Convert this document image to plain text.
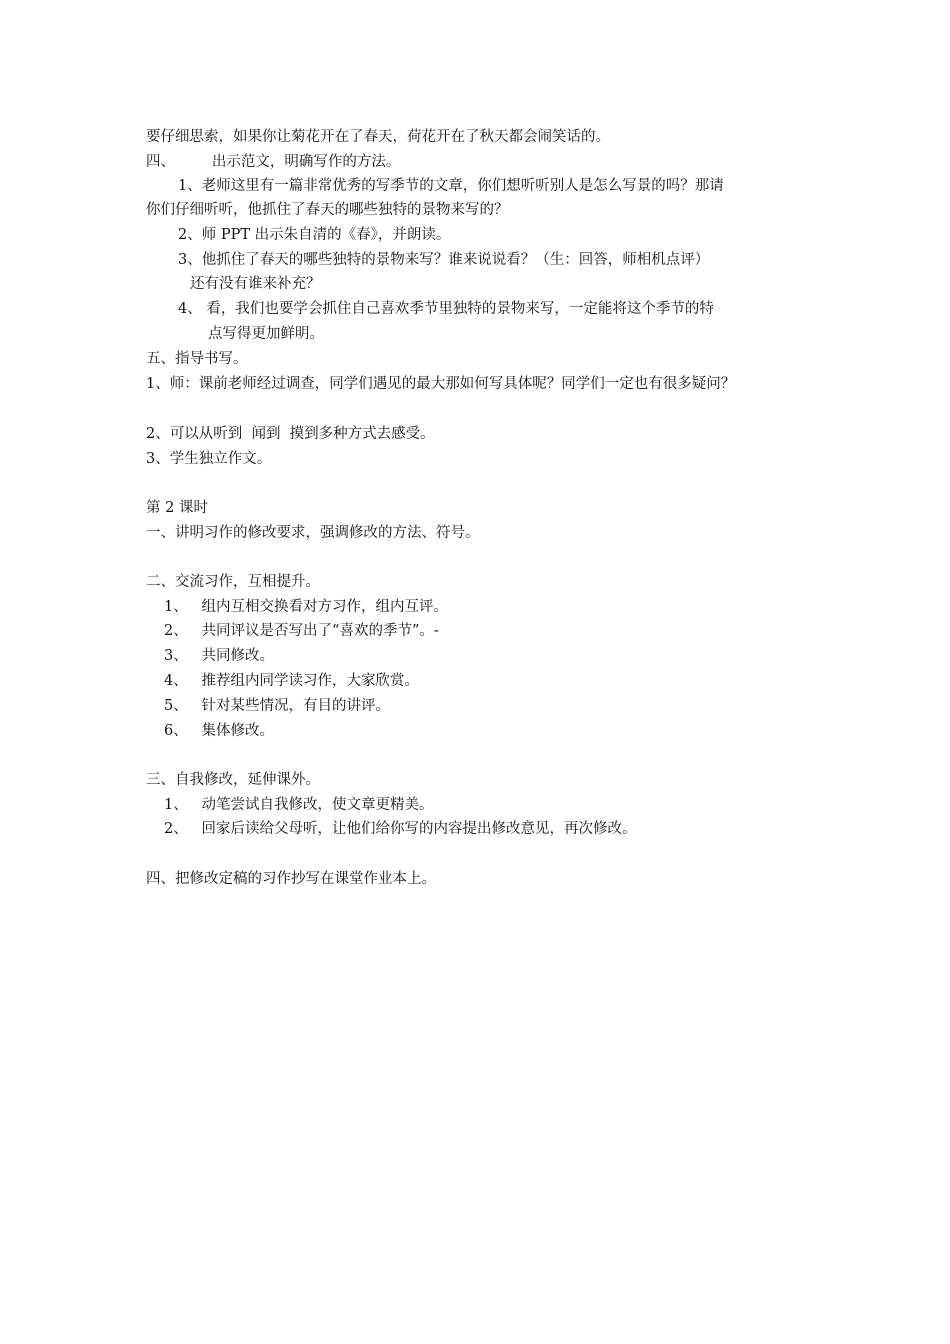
要仔细思索，如果你让菊花开在了春天，荷花开在了秋天都会闹笑话的。
四、        出示范文，明确写作的方法。
1、老师这里有一篇非常优秀的写季节的文章，你们想听听别人是怎么写景的吗？那请
你们仔细听听，他抓住了春天的哪些独特的景物来写的？
2、师 PPT 出示朱自清的《春》，并朗读。
3、他抓住了春天的哪些独特的景物来写？谁来说说看？（生：回答，师相机点评）
还有没有谁来补充？
4、 看，我们也要学会抓住自己喜欢季节里独特的景物来写，一定能将这个季节的特
点写得更加鲜明。
五、指导书写。
1、师：课前老师经过调查，同学们遇见的最大那如何写具体呢？同学们一定也有很多疑问？
2、可以从听到  闻到  摸到多种方式去感受。
3、学生独立作文。
第 2 课时
一、讲明习作的修改要求，强调修改的方法、符号。
二、交流习作，互相提升。
1、   组内互相交换看对方习作，组内互评。
2、   共同评议是否写出了“喜欢的季节”。-
3、   共同修改。
4、   推荐组内同学读习作，大家欣赏。
5、   针对某些情况，有目的讲评。
6、   集体修改。
三、自我修改，延伸课外。
1、   动笔尝试自我修改，使文章更精美。
2、   回家后读给父母听，让他们给你写的内容提出修改意见，再次修改。
四、把修改定稿的习作抄写在课堂作业本上。
